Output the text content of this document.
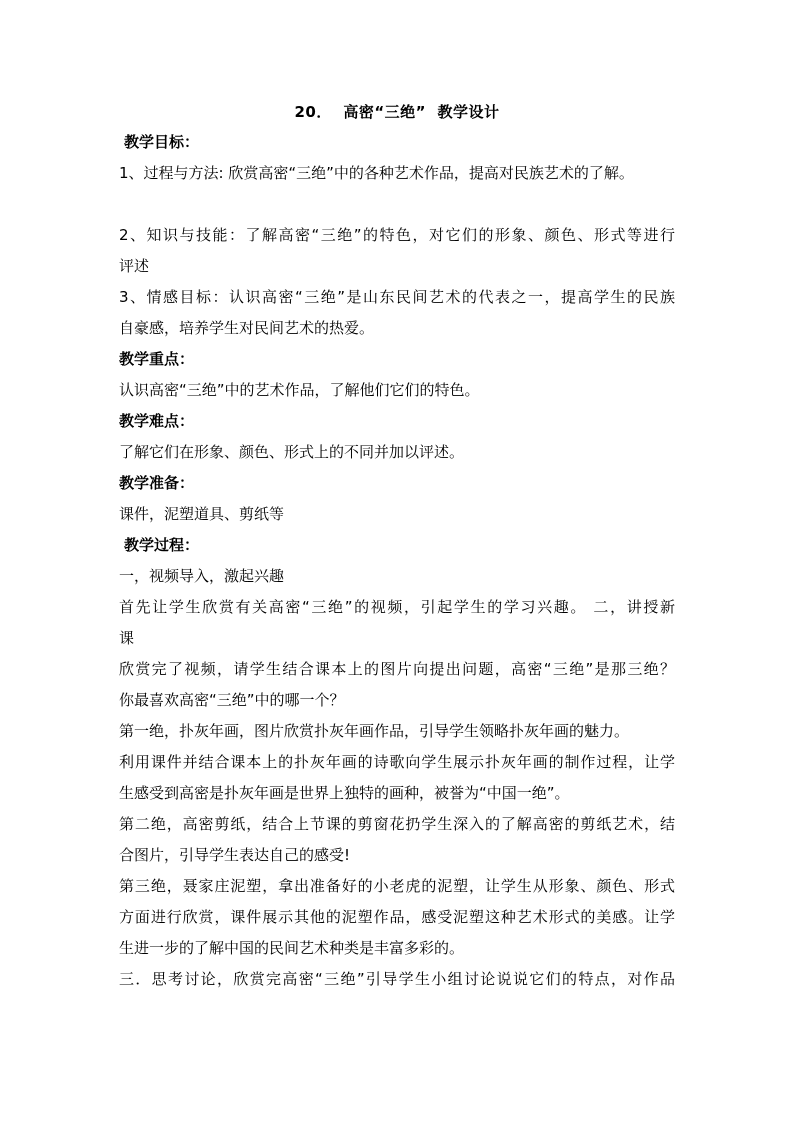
20．  高密“三绝”  教学设计
教学目标：
1、过程与方法: 欣赏高密“三绝”中的各种艺术作品，提高对民族艺术的了解。
2、知识与技能：了解高密“三绝”的特色，对它们的形象、颜色、形式等进行
评述
3、情感目标：认识高密“三绝”是山东民间艺术的代表之一，提高学生的民族
自豪感，培养学生对民间艺术的热爱。
教学重点：
认识高密“三绝”中的艺术作品，了解他们它们的特色。
教学难点：
了解它们在形象、颜色、形式上的不同并加以评述。
教学准备：
课件，泥塑道具、剪纸等
教学过程：
一，视频导入，激起兴趣
首先让学生欣赏有关高密“三绝”的视频，引起学生的学习兴趣。 二，讲授新
课
欣赏完了视频，请学生结合课本上的图片向提出问题，高密“三绝”是那三绝？
你最喜欢高密“三绝”中的哪一个？
第一绝，扑灰年画，图片欣赏扑灰年画作品，引导学生领略扑灰年画的魅力。
利用课件并结合课本上的扑灰年画的诗歌向学生展示扑灰年画的制作过程，让学
生感受到高密是扑灰年画是世界上独特的画种，被誉为“中国一绝”。
第二绝，高密剪纸，结合上节课的剪窗花扔学生深入的了解高密的剪纸艺术，结
合图片，引导学生表达自己的感受!
第三绝，聂家庄泥塑，拿出准备好的小老虎的泥塑，让学生从形象、颜色、形式
方面进行欣赏，课件展示其他的泥塑作品，感受泥塑这种艺术形式的美感。让学
生进一步的了解中国的民间艺术种类是丰富多彩的。
三．思考讨论，欣赏完高密“三绝”引导学生小组讨论说说它们的特点，对作品
